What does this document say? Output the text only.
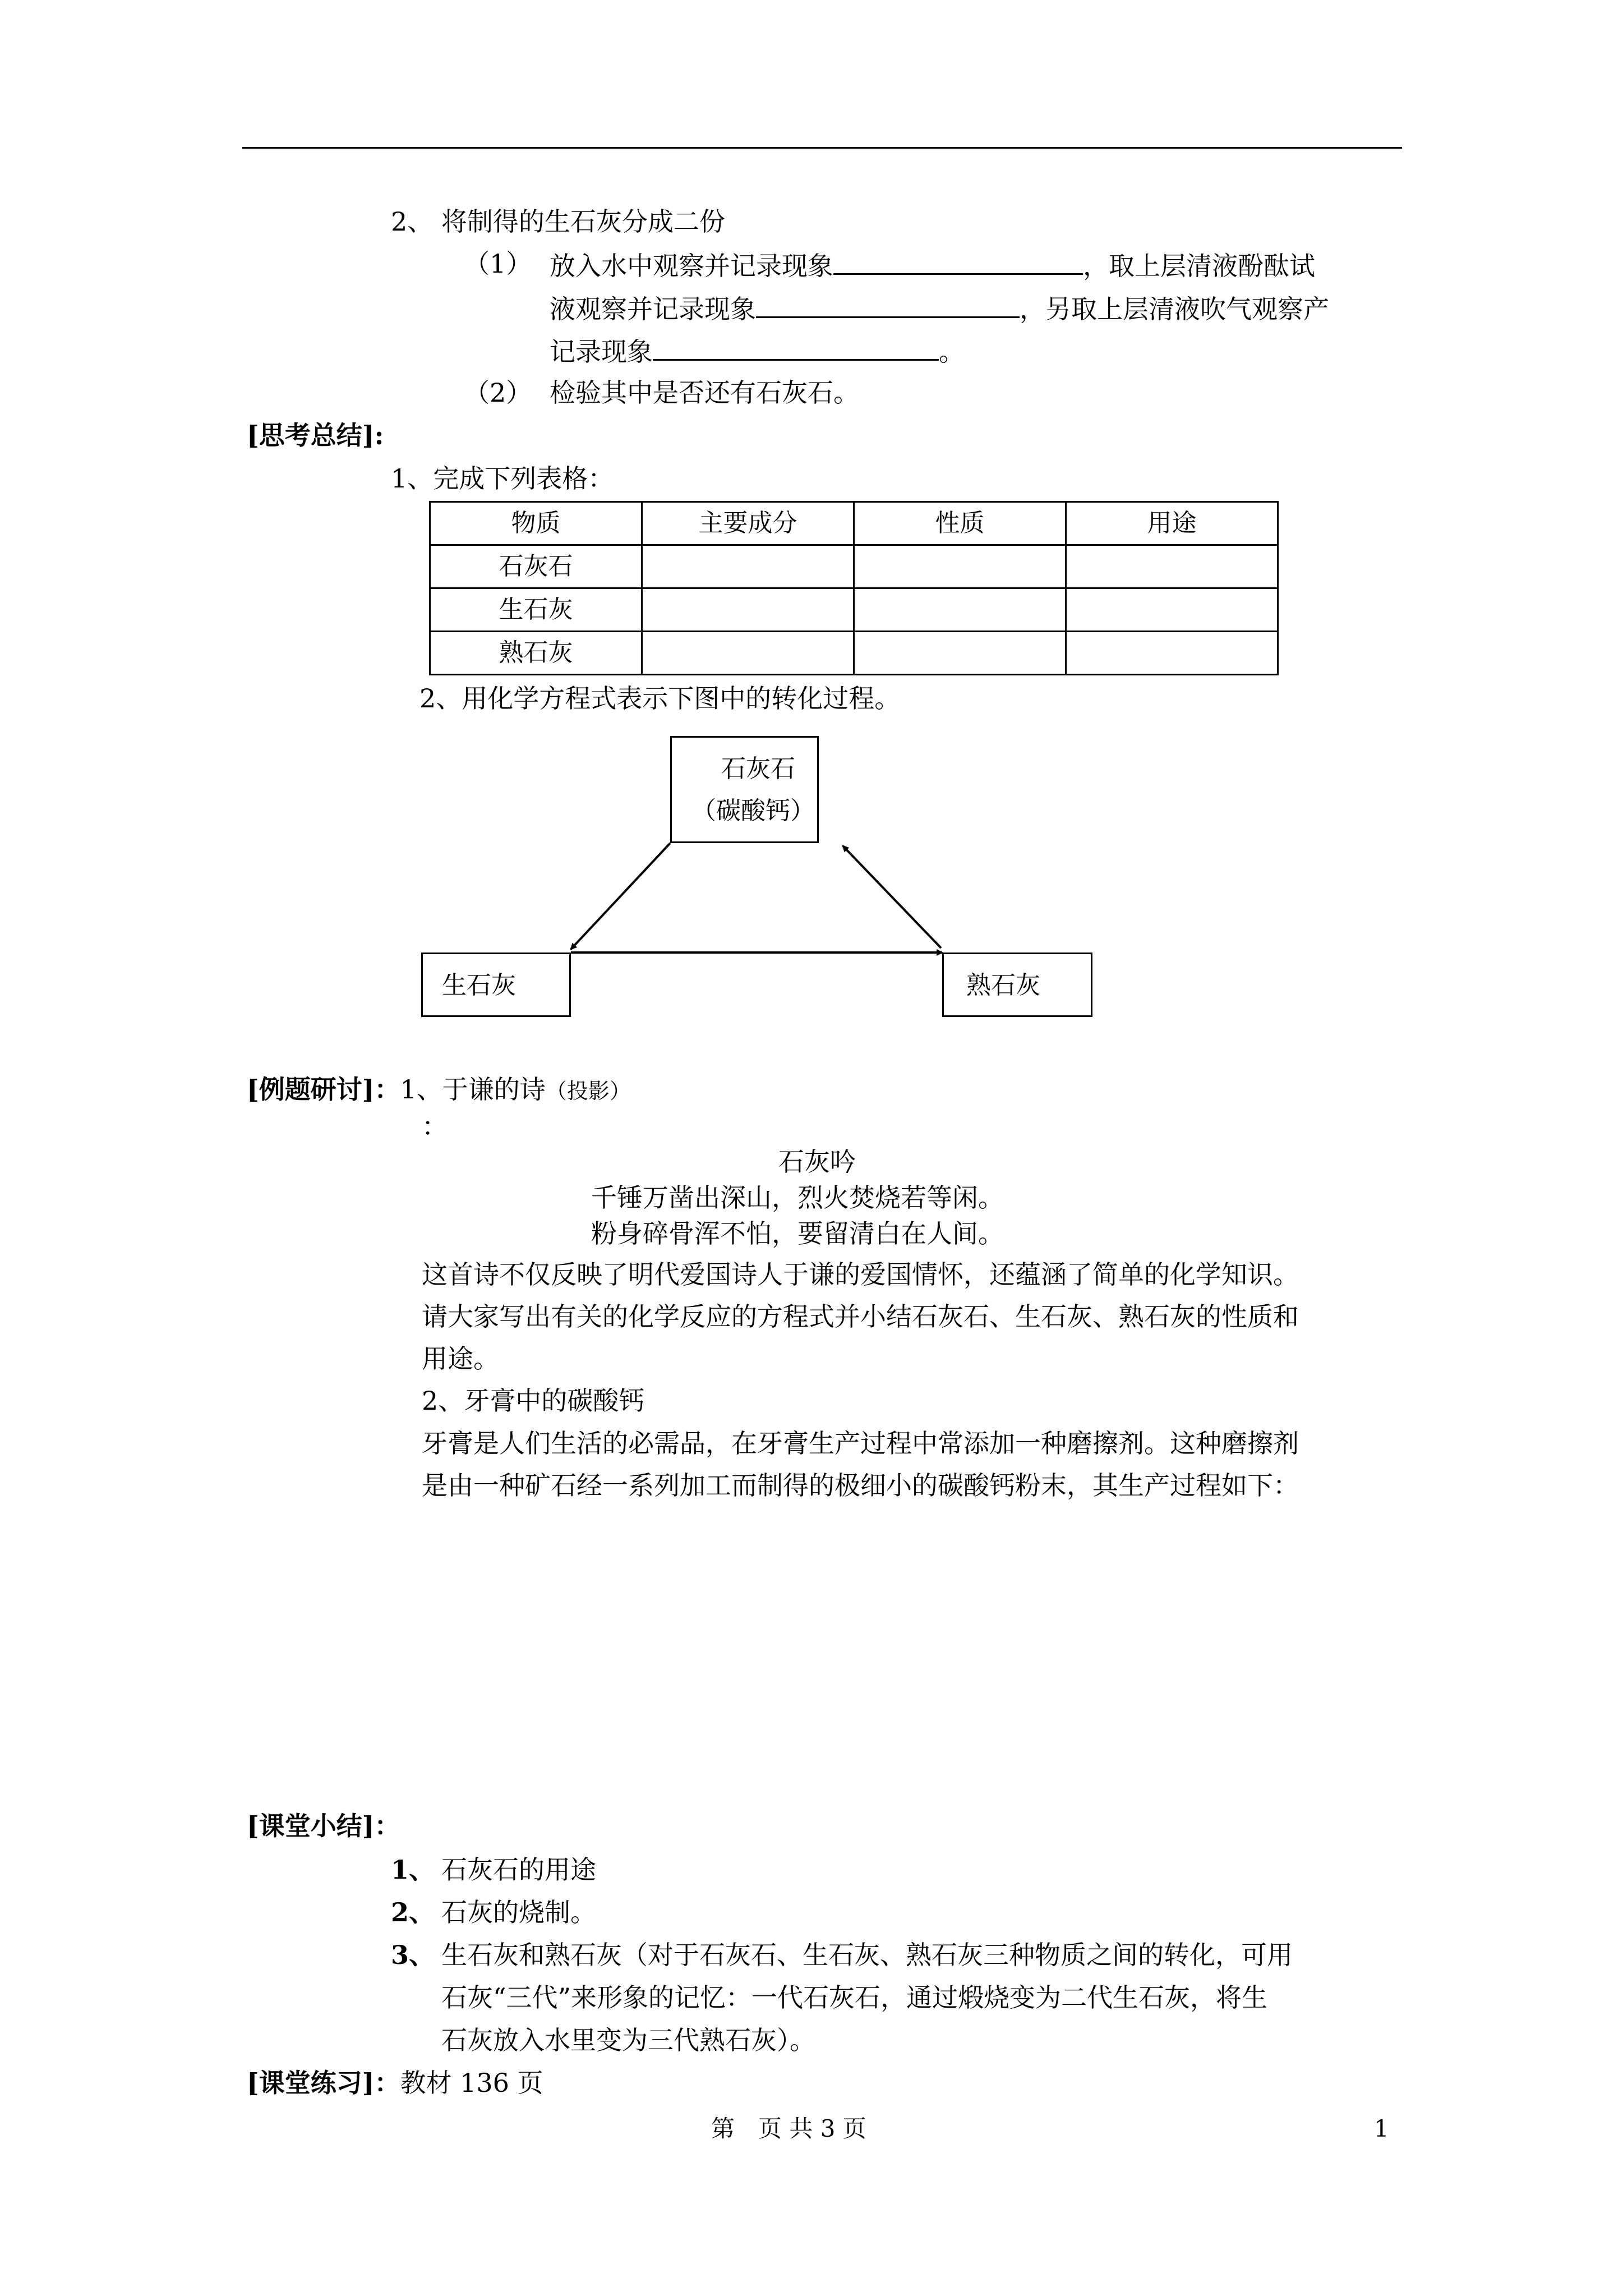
2、 将制得的生石灰分成二份
（1） 放入水中观察并记录现象	，取上层清液酚酞试
液观察并记录现象	，另取上层清液吹气观察产
记录现象	。
（2） 检验其中是否还有石灰石。
[思考总结]:
1、完成下列表格：
物质	主要成分	性质	用途
石灰石			
生石灰			
熟石灰			
2、用化学方程式表示下图中的转化过程。
石灰石
（碳酸钙）
生石灰	熟石灰
[例题研讨]：1、于谦的诗（投影）
：
石灰吟
千锤万凿出深山，烈火焚烧若等闲。
粉身碎骨浑不怕，要留清白在人间。
这首诗不仅反映了明代爱国诗人于谦的爱国情怀，还蕴涵了简单的化学知识。
请大家写出有关的化学反应的方程式并小结石灰石、生石灰、熟石灰的性质和
用途。
2、牙膏中的碳酸钙
牙膏是人们生活的必需品，在牙膏生产过程中常添加一种磨擦剂。这种磨擦剂
是由一种矿石经一系列加工而制得的极细小的碳酸钙粉末，其生产过程如下：
[课堂小结]：
1、 石灰石的用途
2、 石灰的烧制。
3、 生石灰和熟石灰（对于石灰石、生石灰、熟石灰三种物质之间的转化，可用
石灰“三代”来形象的记忆：一代石灰石，通过煅烧变为二代生石灰，将生
石灰放入水里变为三代熟石灰）。
[课堂练习]：教材 136 页
第　页 共 3 页	1
